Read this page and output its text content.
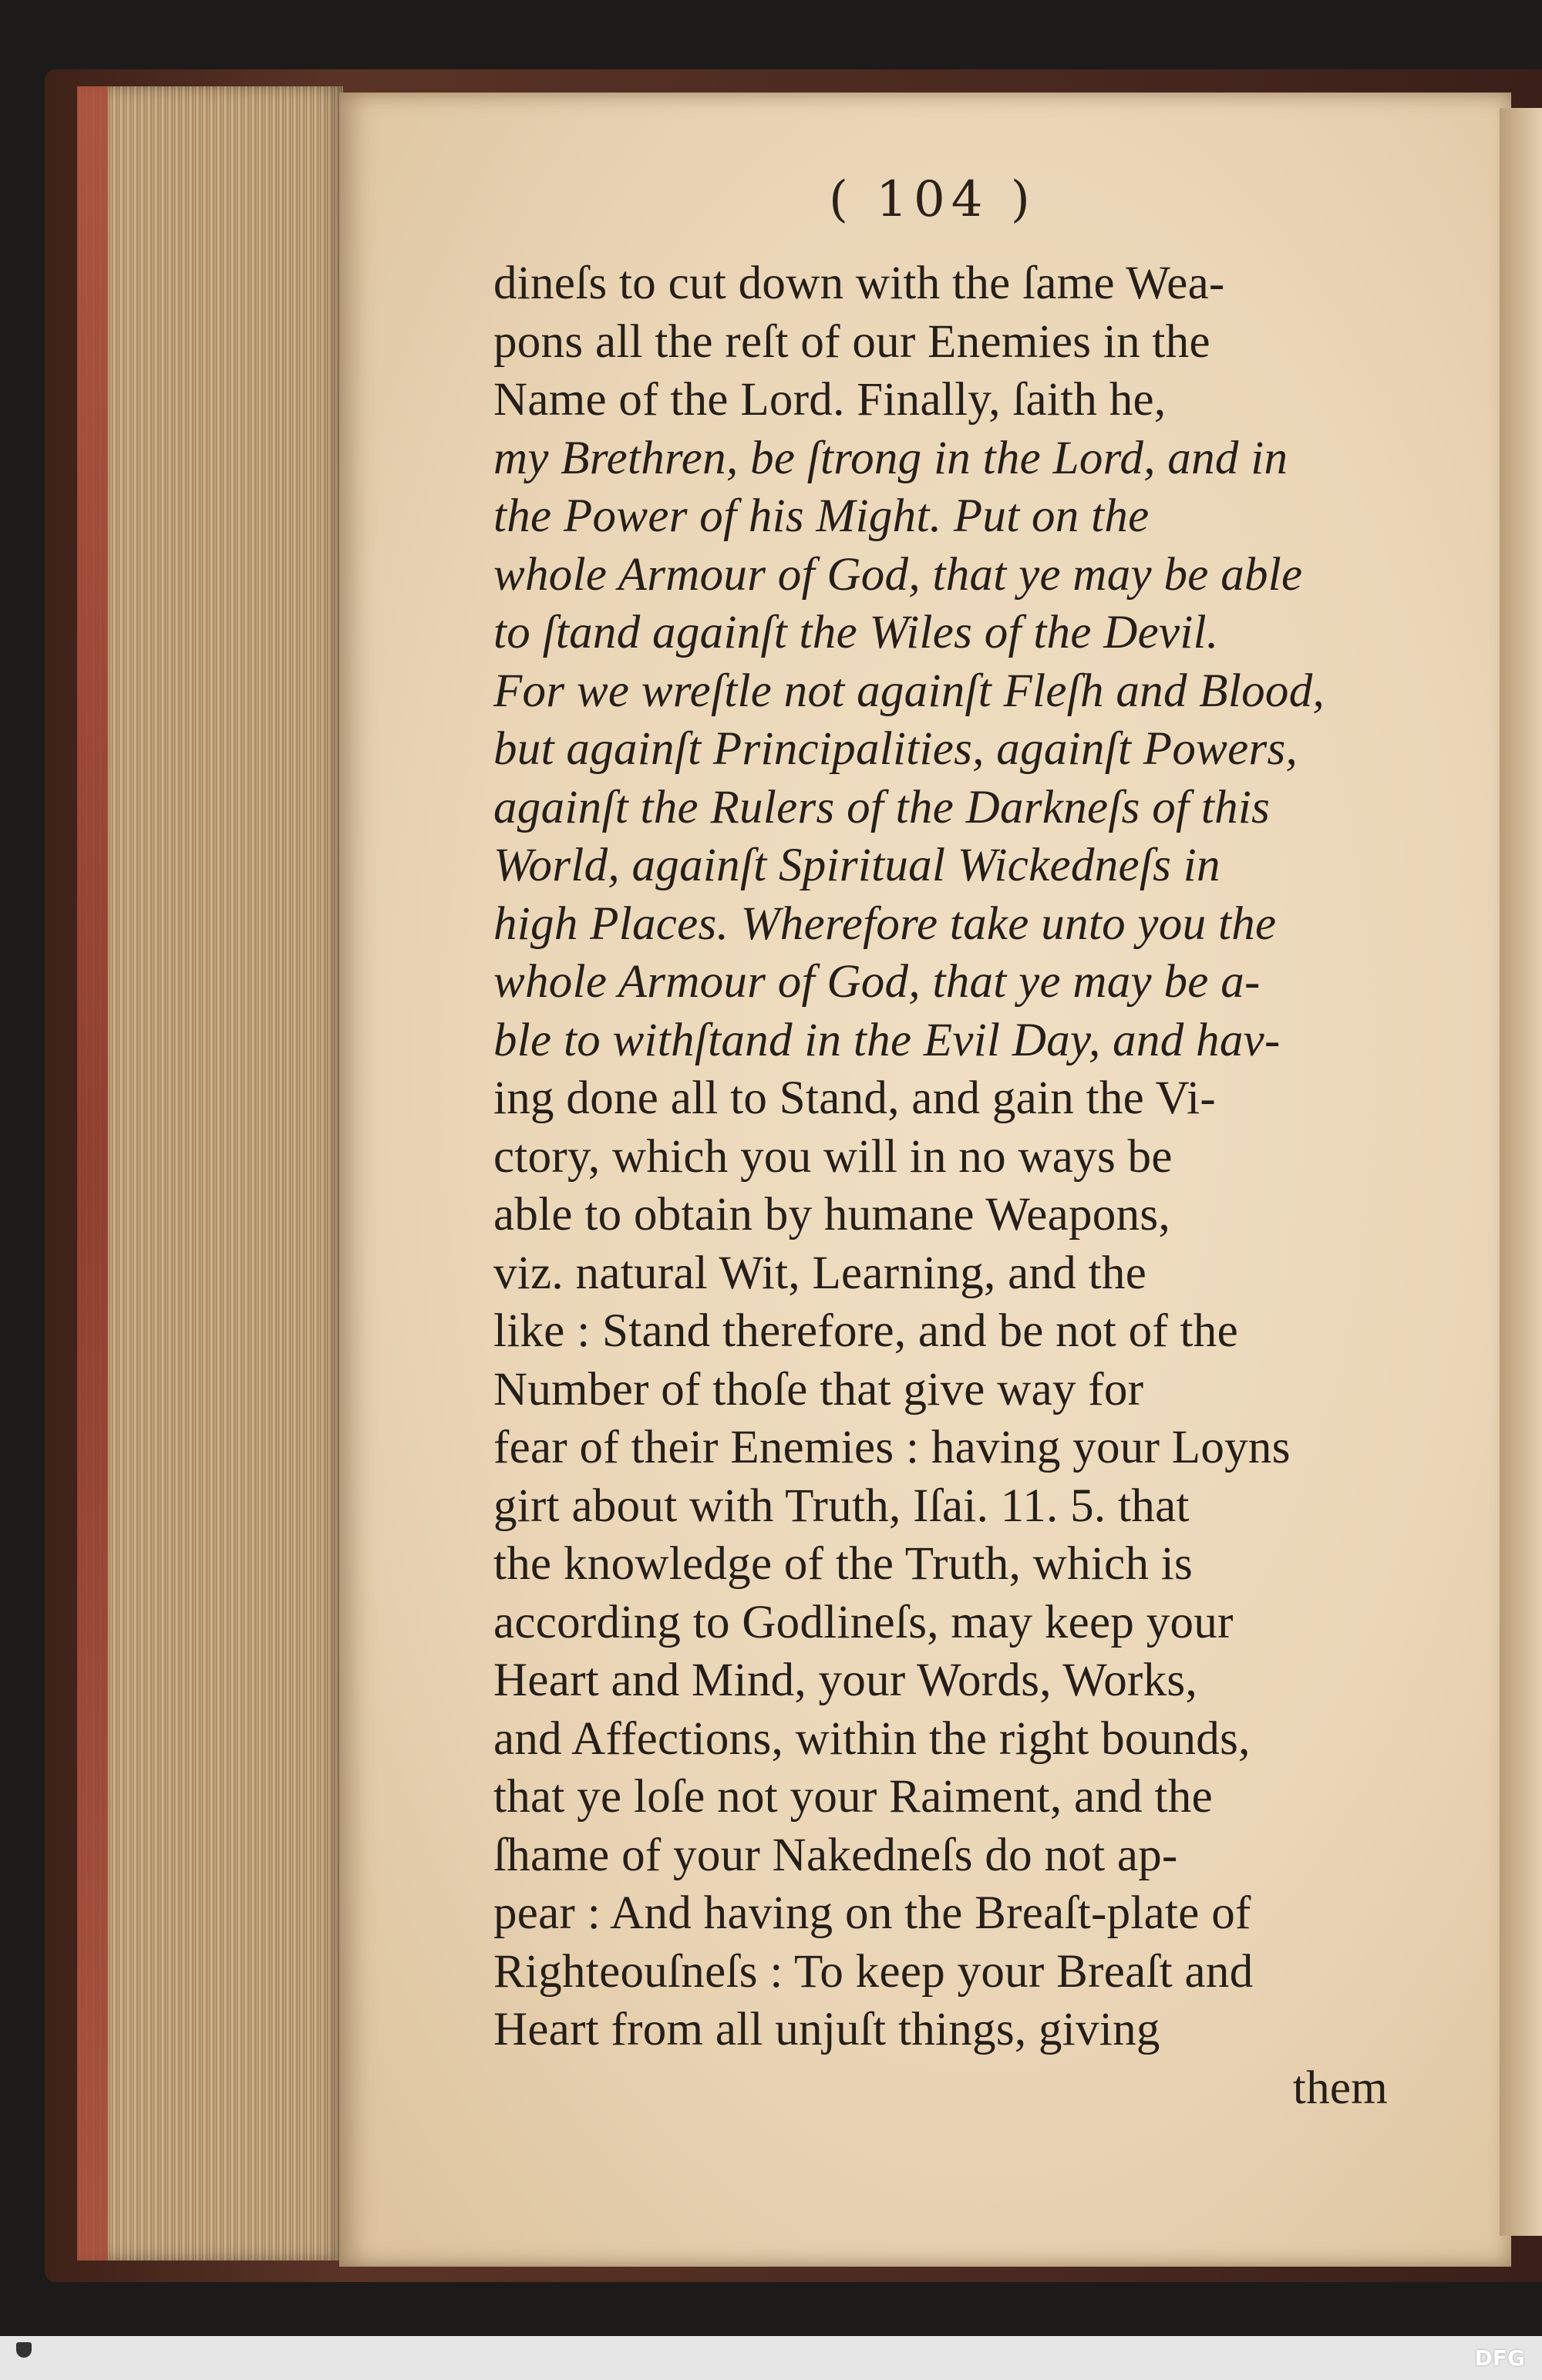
( 104 )
dineſs to cut down with the ſame Wea-
pons all the reſt of our Enemies in the
Name of the Lord. Finally, ſaith he,
my Brethren, be ſtrong in the Lord, and in
the Power of his Might. Put on the
whole Armour of God, that ye may be able
to ſtand againſt the Wiles of the Devil.
For we wreſtle not againſt Fleſh and Blood,
but againſt Principalities, againſt Powers,
againſt the Rulers of the Darkneſs of this
World, againſt Spiritual Wickedneſs in
high Places. Wherefore take unto you the
whole Armour of God, that ye may be a-
ble to withſtand in the Evil Day, and hav-
ing done all to Stand, and gain the Vi-
ctory, which you will in no ways be
able to obtain by humane Weapons,
viz. natural Wit, Learning, and the
like : Stand therefore, and be not of the
Number of thoſe that give way for
fear of their Enemies : having your Loyns
girt about with Truth, Iſai. 11. 5. that
the knowledge of the Truth, which is
according to Godlineſs, may keep your
Heart and Mind, your Words, Works,
and Affections, within the right bounds,
that ye loſe not your Raiment, and the
ſhame of your Nakedneſs do not ap-
pear : And having on the Breaſt-plate of
Righteouſneſs : To keep your Breaſt and
Heart from all unjuſt things, giving
them
DFG
